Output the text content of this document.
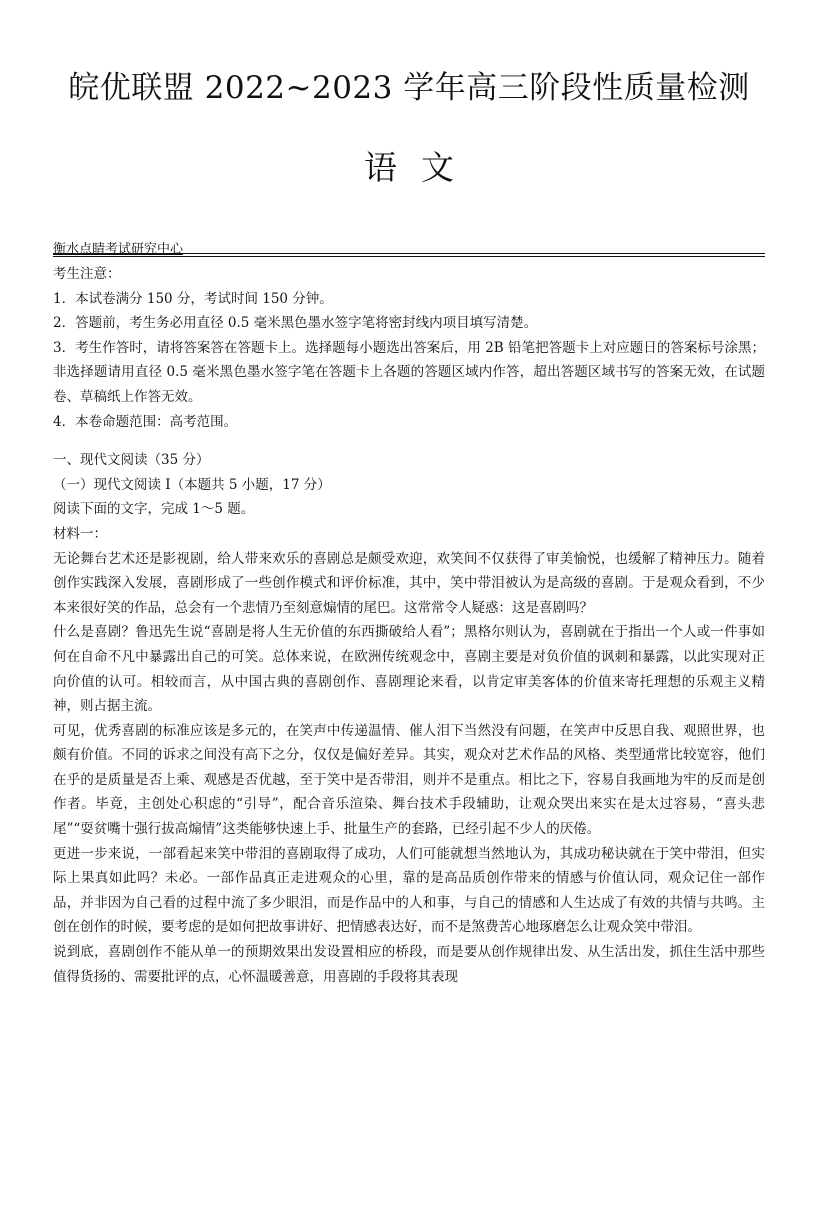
皖优联盟 2022~2023 学年高三阶段性质量检测
语文
衡水点睛考试研究中心

考生注意：

1．本试卷满分 150 分，考试时间 150 分钟。

2．答题前，考生务必用直径 0.5 毫米黑色墨水签字笔将密封线内项目填写清楚。

3．考生作答时，请将答案答在答题卡上。选择题每小题选出答案后，用 2B 铅笔把答题卡上对应题日的答案标号涂黑；非选择题请用直径 0.5 毫米黑色墨水签字笔在答题卡上各题的答题区域内作答，超出答题区域书写的答案无效，在试题卷、草稿纸上作答无效。

4．本卷命题范围：高考范围。

一、现代文阅读（35 分）

（一）现代文阅读 I（本题共 5 小题，17 分）

阅读下面的文字，完成 1～5 题。

材料一：

无论舞台艺术还是影视剧，给人带来欢乐的喜剧总是颇受欢迎，欢笑间不仅获得了审美愉悦，也缓解了精神压力。随着创作实践深入发展，喜剧形成了一些创作模式和评价标准，其中，笑中带泪被认为是高级的喜剧。于是观众看到，不少本来很好笑的作品，总会有一个悲情乃至刻意煽情的尾巴。这常常令人疑惑：这是喜剧吗？

什么是喜剧？鲁迅先生说“喜剧是将人生无价值的东西撕破给人看”；黑格尔则认为，喜剧就在于指出一个人或一件事如何在自命不凡中暴露出自己的可笑。总体来说，在欧洲传统观念中，喜剧主要是对负价值的讽刺和暴露，以此实现对正向价值的认可。相较而言，从中国古典的喜剧创作、喜剧理论来看，以肯定审美客体的价值来寄托理想的乐观主义精神，则占据主流。

可见，优秀喜剧的标准应该是多元的，在笑声中传递温情、催人泪下当然没有问题，在笑声中反思自我、观照世界，也颇有价值。不同的诉求之间没有高下之分，仅仅是偏好差异。其实，观众对艺术作品的风格、类型通常比较宽容，他们在乎的是质量是否上乘、观感是否优越，至于笑中是否带泪，则并不是重点。相比之下，容易自我画地为牢的反而是创作者。毕竟，主创处心积虑的“引导”，配合音乐渲染、舞台技术手段辅助，让观众哭出来实在是太过容易，“喜头悲尾”“耍贫嘴十强行拔高煽情”这类能够快速上手、批量生产的套路，已经引起不少人的厌倦。

更进一步来说，一部看起来笑中带泪的喜剧取得了成功，人们可能就想当然地认为，其成功秘诀就在于笑中带泪，但实际上果真如此吗？未必。一部作品真正走进观众的心里，靠的是高品质创作带来的情感与价值认同，观众记住一部作品，并非因为自己看的过程中流了多少眼泪，而是作品中的人和事，与自己的情感和人生达成了有效的共情与共鸣。主创在创作的时候，要考虑的是如何把故事讲好、把情感表达好，而不是煞费苦心地琢磨怎么让观众笑中带泪。

说到底，喜剧创作不能从单一的预期效果出发设置相应的桥段，而是要从创作规律出发、从生活出发，抓住生活中那些值得货扬的、需要批评的点，心怀温暖善意，用喜剧的手段将其表现
